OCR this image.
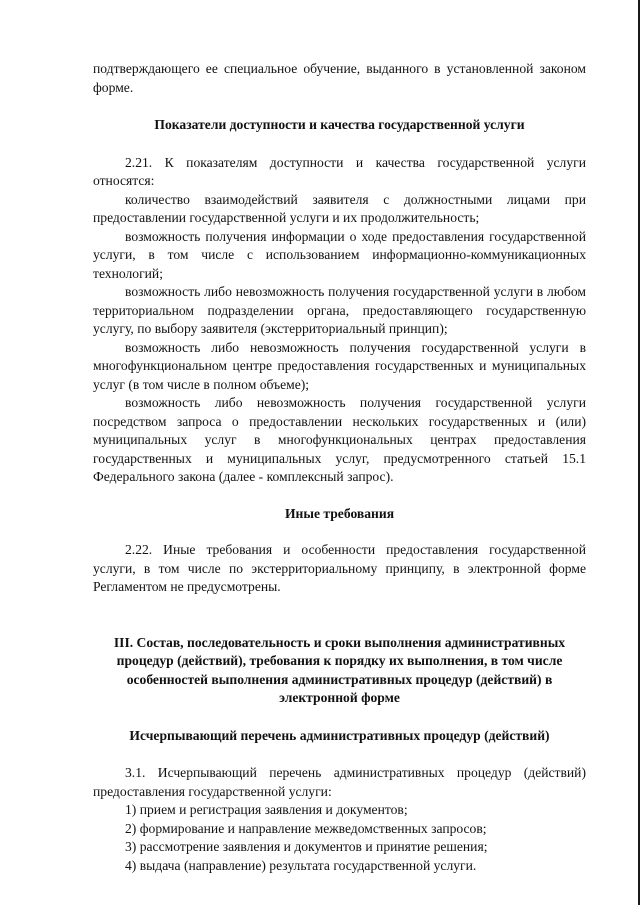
подтверждающего ее специальное обучение, выданного в установленной законом форме.

Показатели доступности и качества государственной услуги

2.21. К показателям доступности и качества государственной услуги относятся:

количество взаимодействий заявителя с должностными лицами при предоставлении государственной услуги и их продолжительность;

возможность получения информации о ходе предоставления государственной услуги, в том числе с использованием информационно-коммуникационных технологий;

возможность либо невозможность получения государственной услуги в любом территориальном подразделении органа, предоставляющего государственную услугу, по выбору заявителя (экстерриториальный принцип);

возможность либо невозможность получения государственной услуги в многофункциональном центре предоставления государственных и муниципальных услуг (в том числе в полном объеме);

возможность либо невозможность получения государственной услуги посредством запроса о предоставлении нескольких государственных и (или) муниципальных услуг в многофункциональных центрах предоставления государственных и муниципальных услуг, предусмотренного статьей 15.1 Федерального закона (далее - комплексный запрос).

Иные требования

2.22. Иные требования и особенности предоставления государственной услуги, в том числе по экстерриториальному принципу, в электронной форме Регламентом не предусмотрены.

III. Состав, последовательность и сроки выполнения административных процедур (действий), требования к порядку их выполнения, в том числе особенностей выполнения административных процедур (действий) в электронной форме

Исчерпывающий перечень административных процедур (действий)

3.1. Исчерпывающий перечень административных процедур (действий) предоставления государственной услуги:

1) прием и регистрация заявления и документов;

2) формирование и направление межведомственных запросов;

3) рассмотрение заявления и документов и принятие решения;

4) выдача (направление) результата государственной услуги.
